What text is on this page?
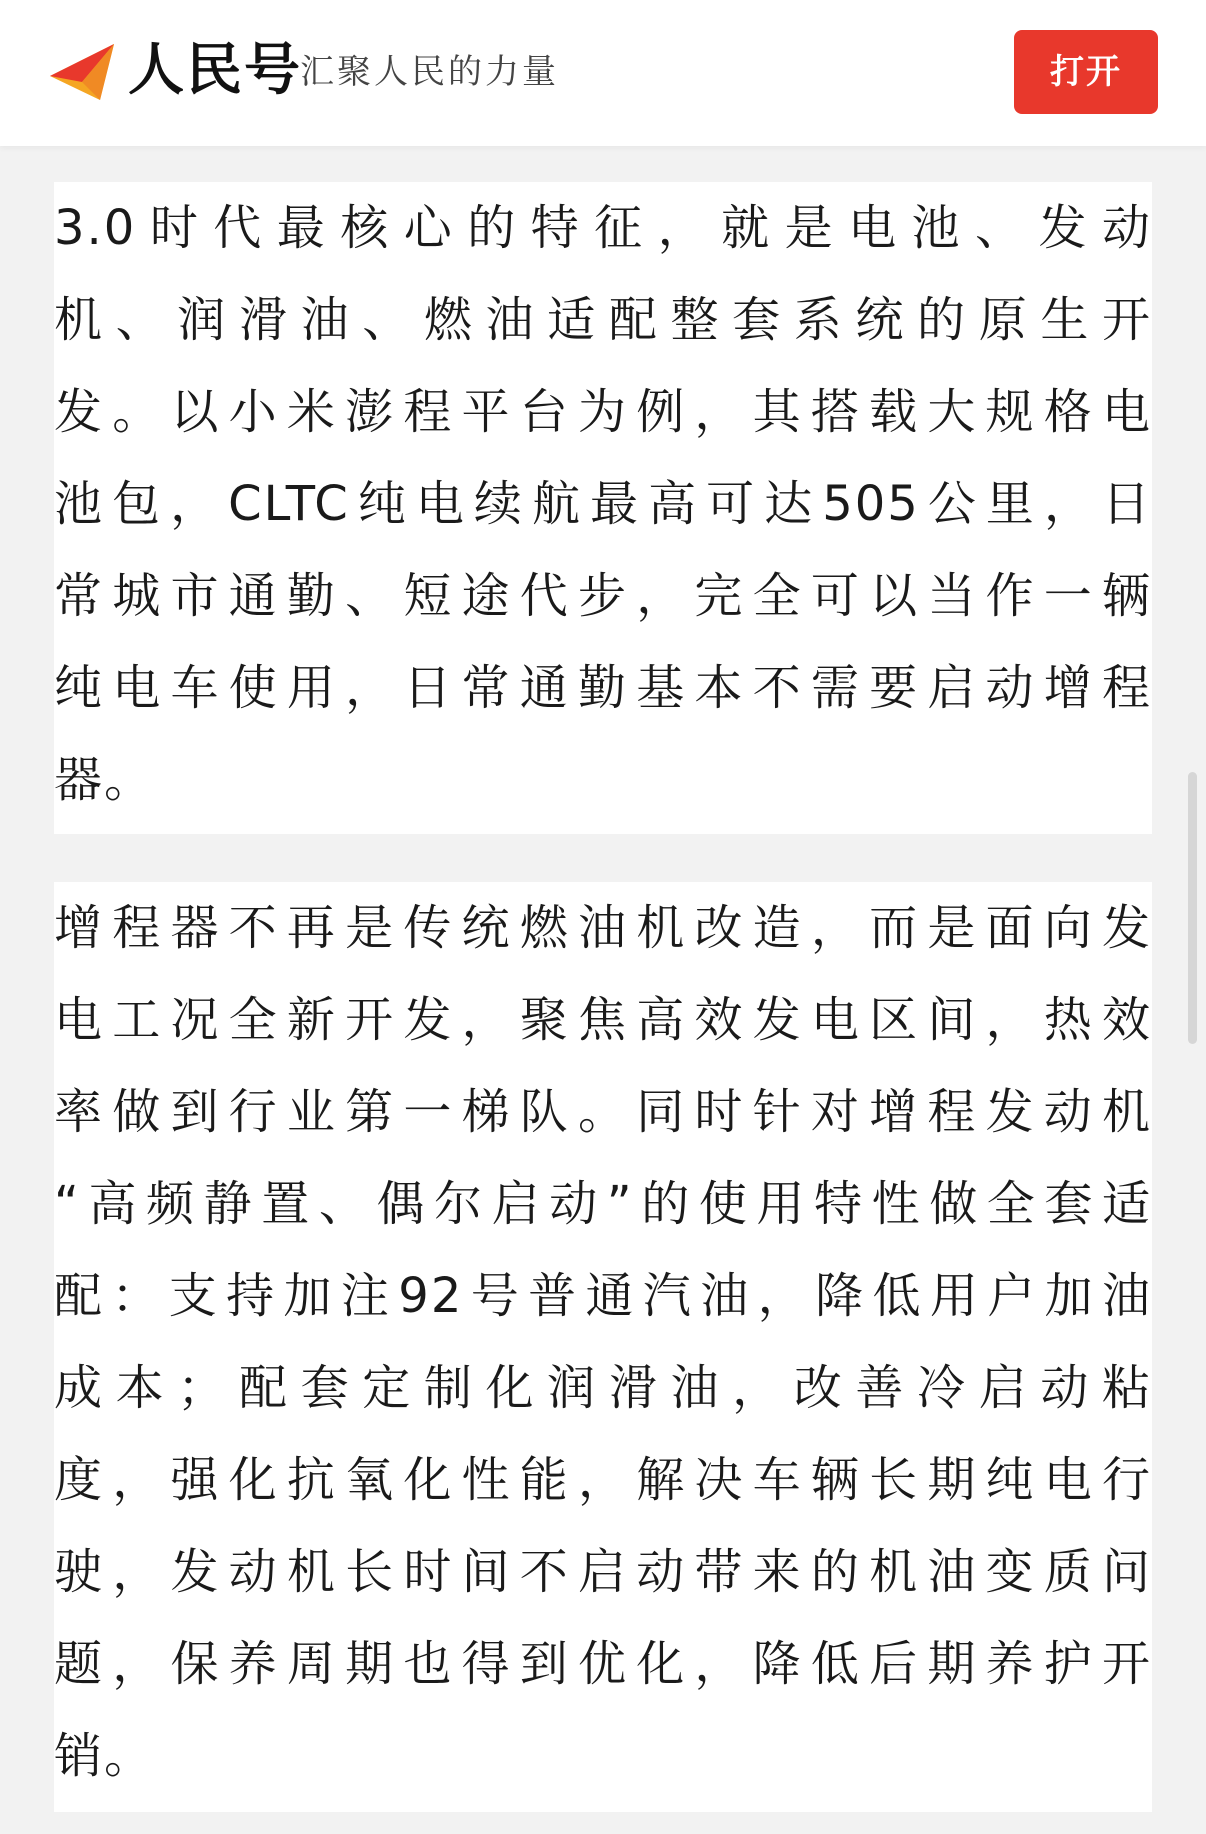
人民号
汇聚人民的力量	打开
3.0时代最核心的特征，就是电池、发动
机、润滑油、燃油适配整套系统的原生开
发。以小米澎程平台为例，其搭载大规格电
池包，CLTC纯电续航最高可达505公里，日
常城市通勤、短途代步，完全可以当作一辆
纯电车使用，日常通勤基本不需要启动增程
器。
增程器不再是传统燃油机改造，而是面向发
电工况全新开发，聚焦高效发电区间，热效
率做到行业第一梯队。同时针对增程发动机
“高频静置、偶尔启动”的使用特性做全套适
配：支持加注92号普通汽油，降低用户加油
成本；配套定制化润滑油，改善冷启动粘
度，强化抗氧化性能，解决车辆长期纯电行
驶，发动机长时间不启动带来的机油变质问
题，保养周期也得到优化，降低后期养护开
销。
